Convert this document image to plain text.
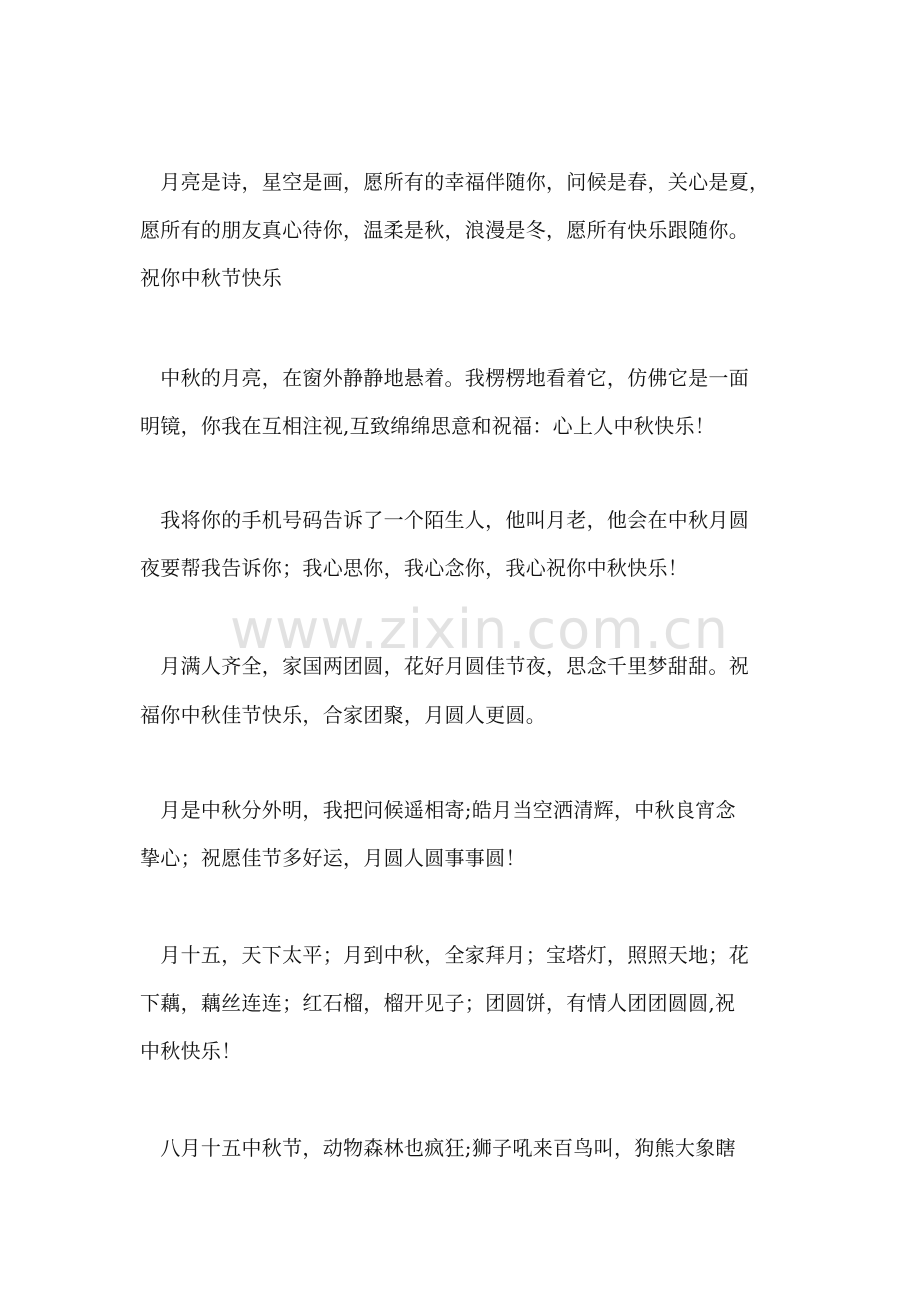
　月亮是诗，星空是画，愿所有的幸福伴随你，问候是春，关心是夏，
愿所有的朋友真心待你，温柔是秋，浪漫是冬，愿所有快乐跟随你。
祝你中秋节快乐
　中秋的月亮，在窗外静静地悬着。我楞楞地看着它，仿佛它是一面
明镜，你我在互相注视,互致绵绵思意和祝福：心上人中秋快乐！
　我将你的手机号码告诉了一个陌生人，他叫月老，他会在中秋月圆
夜要帮我告诉你；我心思你，我心念你，我心祝你中秋快乐！
www.zixin.com.cn
　月满人齐全，家国两团圆，花好月圆佳节夜，思念千里梦甜甜。祝
福你中秋佳节快乐，合家团聚，月圆人更圆。
　月是中秋分外明，我把问候遥相寄;皓月当空洒清辉，中秋良宵念
挚心；祝愿佳节多好运，月圆人圆事事圆！
　月十五，天下太平；月到中秋，全家拜月；宝塔灯，照照天地；花
下藕，藕丝连连；红石榴，榴开见子；团圆饼，有情人团团圆圆,祝
中秋快乐！
　八月十五中秋节，动物森林也疯狂;狮子吼来百鸟叫，狗熊大象瞎
